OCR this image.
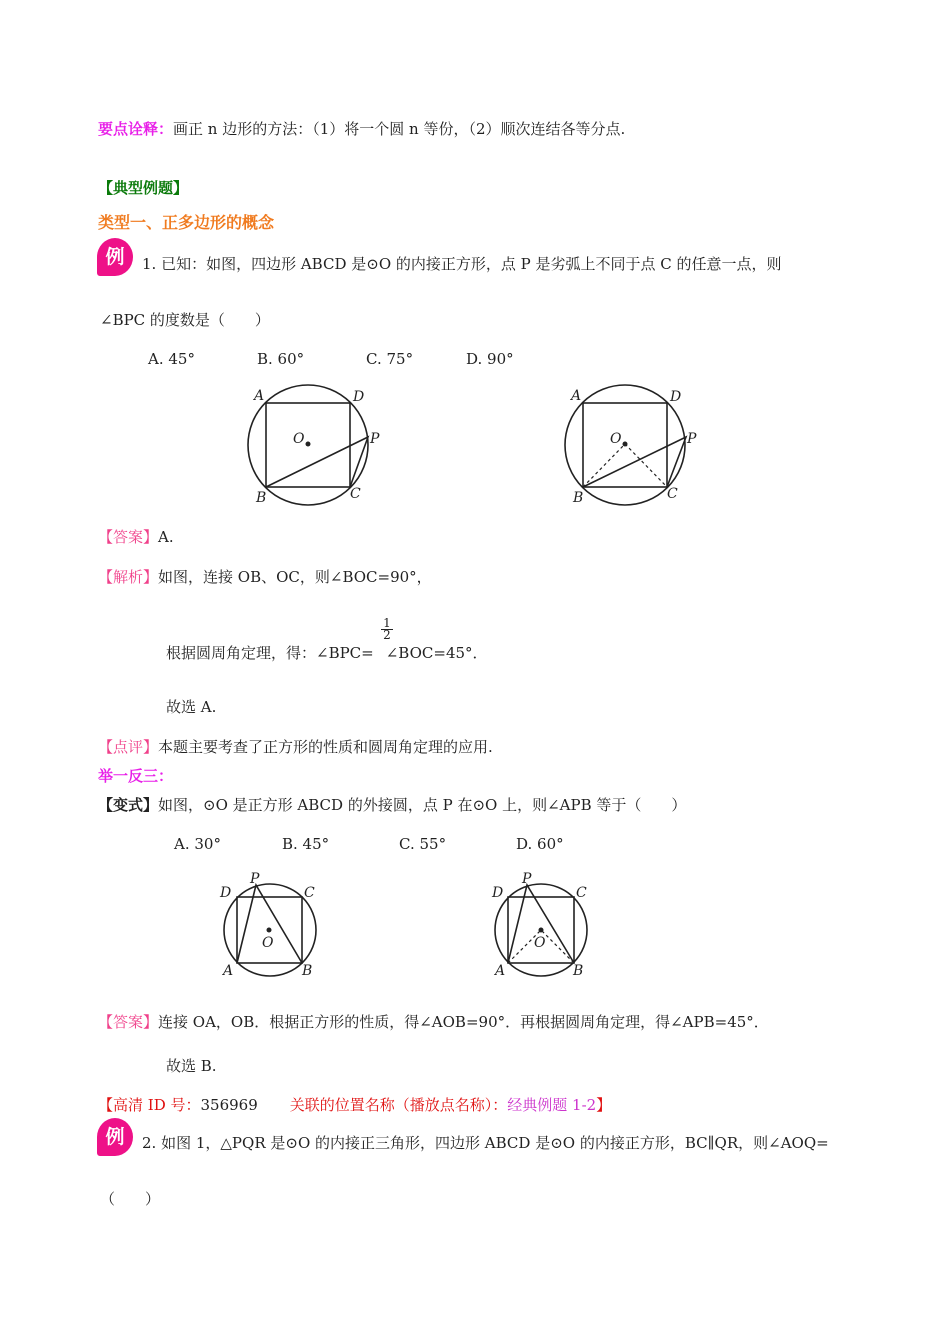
要点诠释：画正 n 边形的方法：（1）将一个圆 n 等份，（2）顺次连结各等分点.
【典型例题】
类型一、正多边形的概念
例	1. 已知：如图，四边形 ABCD 是⊙O 的内接正方形，点 P 是劣弧上不同于点 C 的任意一点，则
∠BPC 的度数是（　　）
A. 45°	B. 60°	C. 75°	D. 90°
A	D
B	C
P
O
A	D
B	C
P
O
D	C
P
O
A	B
D	C
P
O
A	B
【答案】A.
【解析】如图，连接 OB、OC，则∠BOC=90°，
根据圆周角定理，得：∠BPC= ∠BOC=45°．
$\frac{1}{2}$
故选 A.
【点评】本题主要考查了正方形的性质和圆周角定理的应用.
举一反三：
【变式】如图，⊙O 是正方形 ABCD 的外接圆，点 P 在⊙O 上，则∠APB 等于（　　）
A. 30°	B. 45°	C. 55°	D. 60°
【答案】连接 OA，OB．根据正方形的性质，得∠AOB=90°．再根据圆周角定理，得∠APB=45°．
故选 B.
【高清 ID 号：356969 关联的位置名称（播放点名称）：经典例题 1-2】
例	2. 如图 1，△PQR 是⊙O 的内接正三角形，四边形 ABCD 是⊙O 的内接正方形，BC∥QR，则∠AOQ=
（　　）
